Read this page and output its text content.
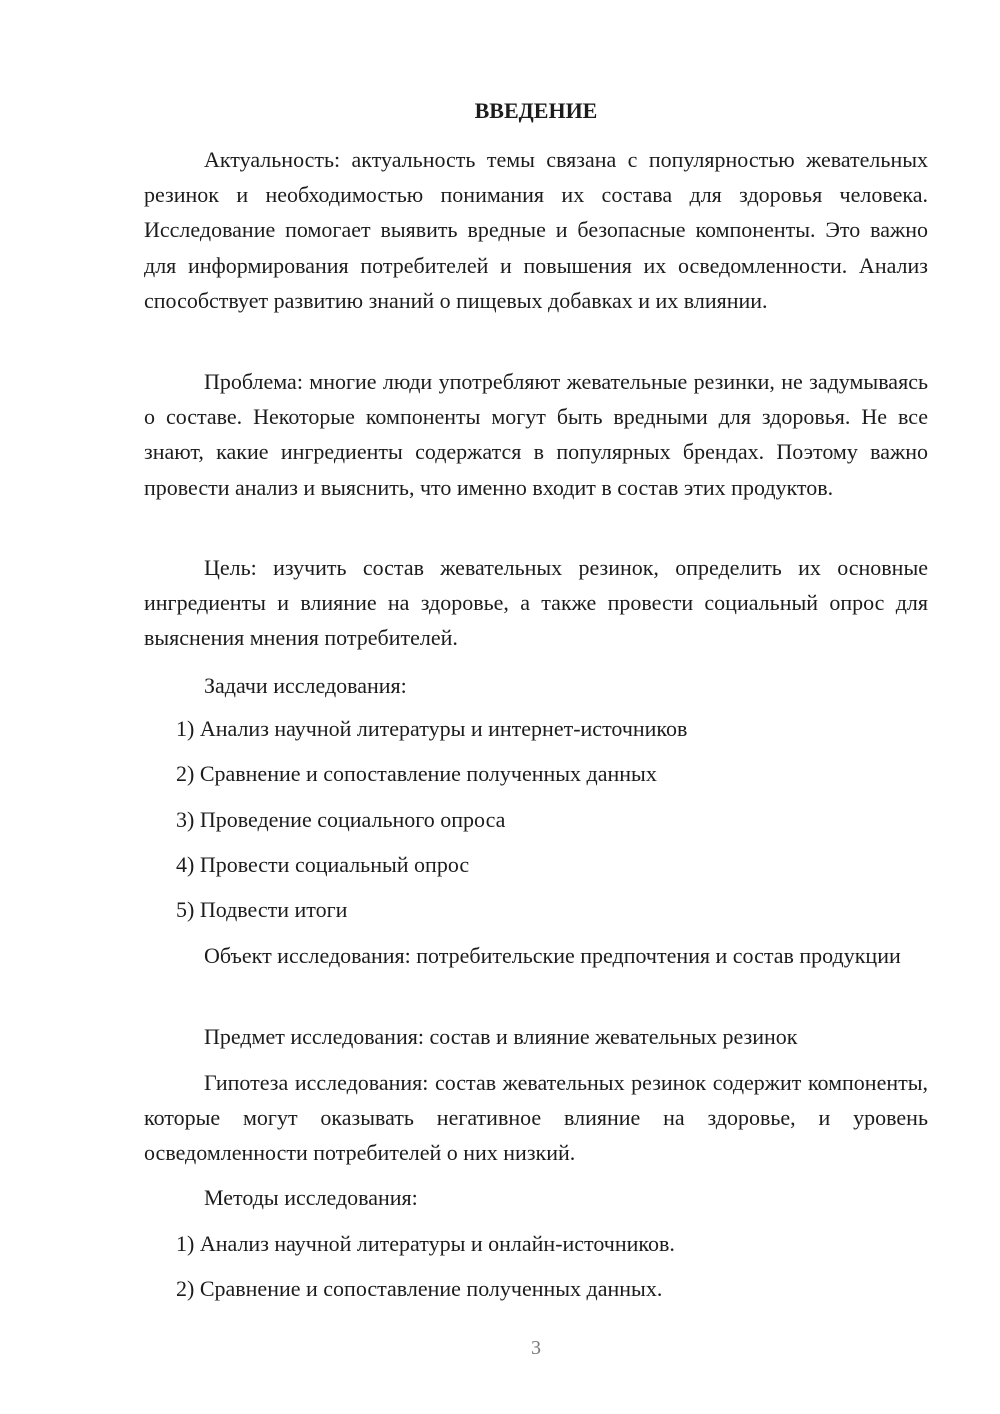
ВВЕДЕНИЕ

Актуальность: актуальность темы связана с популярностью жевательных резинок и необходимостью понимания их состава для здоровья человека. Исследование помогает выявить вредные и безопасные компоненты. Это важно для информирования потребителей и повышения их осведомленности. Анализ способствует развитию знаний о пищевых добавках и их влиянии.

Проблема: многие люди употребляют жевательные резинки, не задумываясь о составе. Некоторые компоненты могут быть вредными для здоровья. Не все знают, какие ингредиенты содержатся в популярных брендах. Поэтому важно провести анализ и выяснить, что именно входит в состав этих продуктов.

Цель: изучить состав жевательных резинок, определить их основные ингредиенты и влияние на здоровье, а также провести социальный опрос для выяснения мнения потребителей.

Задачи исследования:

1) Анализ научной литературы и интернет-источников

2) Сравнение и сопоставление полученных данных

3) Проведение социального опроса

4) Провести социальный опрос

5) Подвести итоги

Объект исследования: потребительские предпочтения и состав продукции

Предмет исследования: состав и влияние жевательных резинок

Гипотеза исследования: состав жевательных резинок содержит компоненты, которые могут оказывать негативное влияние на здоровье, и уровень осведомленности потребителей о них низкий.

Методы исследования:

1) Анализ научной литературы и онлайн-источников.

2) Сравнение и сопоставление полученных данных.

3
